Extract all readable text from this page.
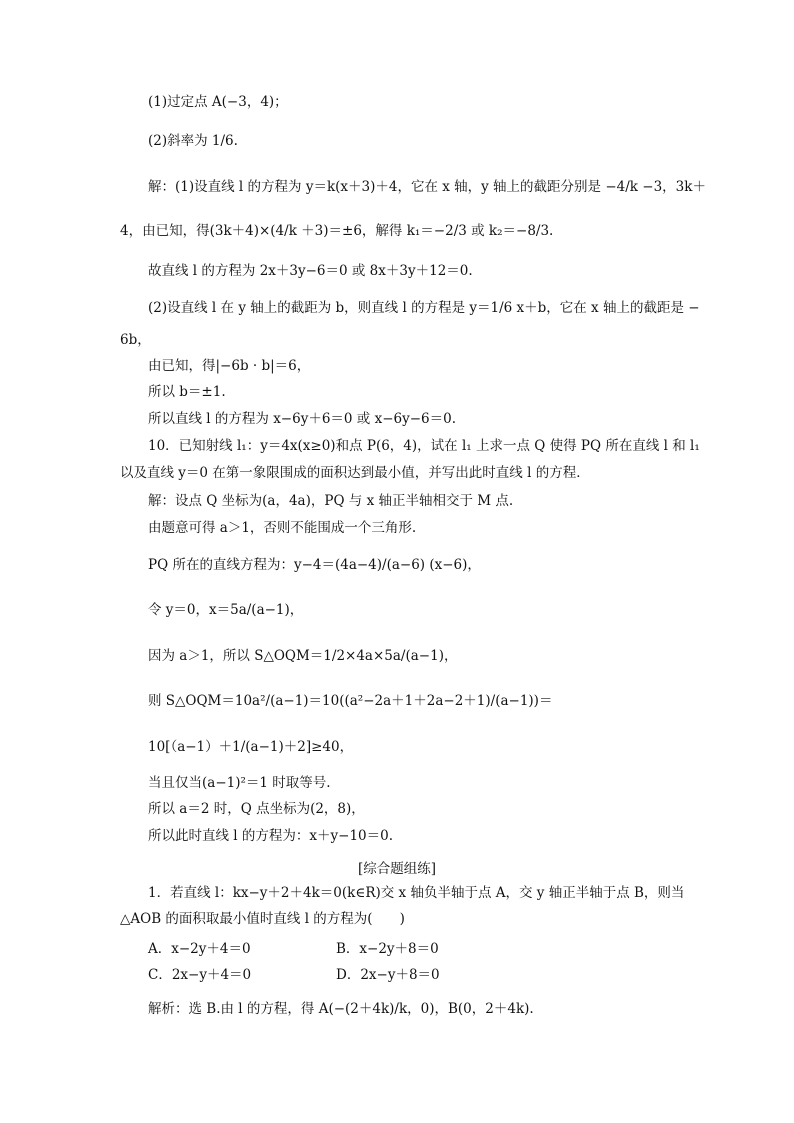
(1)过定点 A(−3，4)；
(2)斜率为 1/6.
解：(1)设直线 l 的方程为 y＝k(x＋3)＋4，它在 x 轴，y 轴上的截距分别是 −4/k −3，3k＋
4，由已知，得(3k＋4)×(4/k ＋3)＝±6，解得 k₁＝−2/3 或 k₂＝−8/3.
故直线 l 的方程为 2x＋3y−6＝0 或 8x＋3y＋12＝0.
(2)设直线 l 在 y 轴上的截距为 b，则直线 l 的方程是 y＝1/6 x＋b，它在 x 轴上的截距是 −
6b，
由已知，得|−6b · b|＝6，
所以 b＝±1.
所以直线 l 的方程为 x−6y＋6＝0 或 x−6y−6＝0.
10．已知射线 l₁：y＝4x(x≥0)和点 P(6，4)，试在 l₁ 上求一点 Q 使得 PQ 所在直线 l 和 l₁
以及直线 y＝0 在第一象限围成的面积达到最小值，并写出此时直线 l 的方程．
解：设点 Q 坐标为(a，4a)，PQ 与 x 轴正半轴相交于 M 点.
由题意可得 a＞1，否则不能围成一个三角形.
PQ 所在的直线方程为：y−4＝(4a−4)/(a−6) (x−6)，
令 y＝0，x＝5a/(a−1)，
因为 a＞1，所以 S△OQM＝1/2×4a×5a/(a−1)，
则 S△OQM＝10a²/(a−1)＝10((a²−2a＋1＋2a−2＋1)/(a−1))＝
10[（a−1）＋1/(a−1)＋2]≥40，
当且仅当(a−1)²＝1 时取等号.
所以 a＝2 时，Q 点坐标为(2，8)，
所以此时直线 l 的方程为：x＋y−10＝0.
1．若直线 l：kx−y＋2＋4k＝0(k∈R)交 x 轴负半轴于点 A，交 y 轴正半轴于点 B，则当
△AOB 的面积取最小值时直线 l 的方程为(　　)
解析：选 B.由 l 的方程，得 A(−(2＋4k)/k，0)，B(0，2＋4k).
[综合题组练]
A．x−2y＋4＝0	B．x−2y＋8＝0
C．2x−y＋4＝0	D．2x−y＋8＝0
